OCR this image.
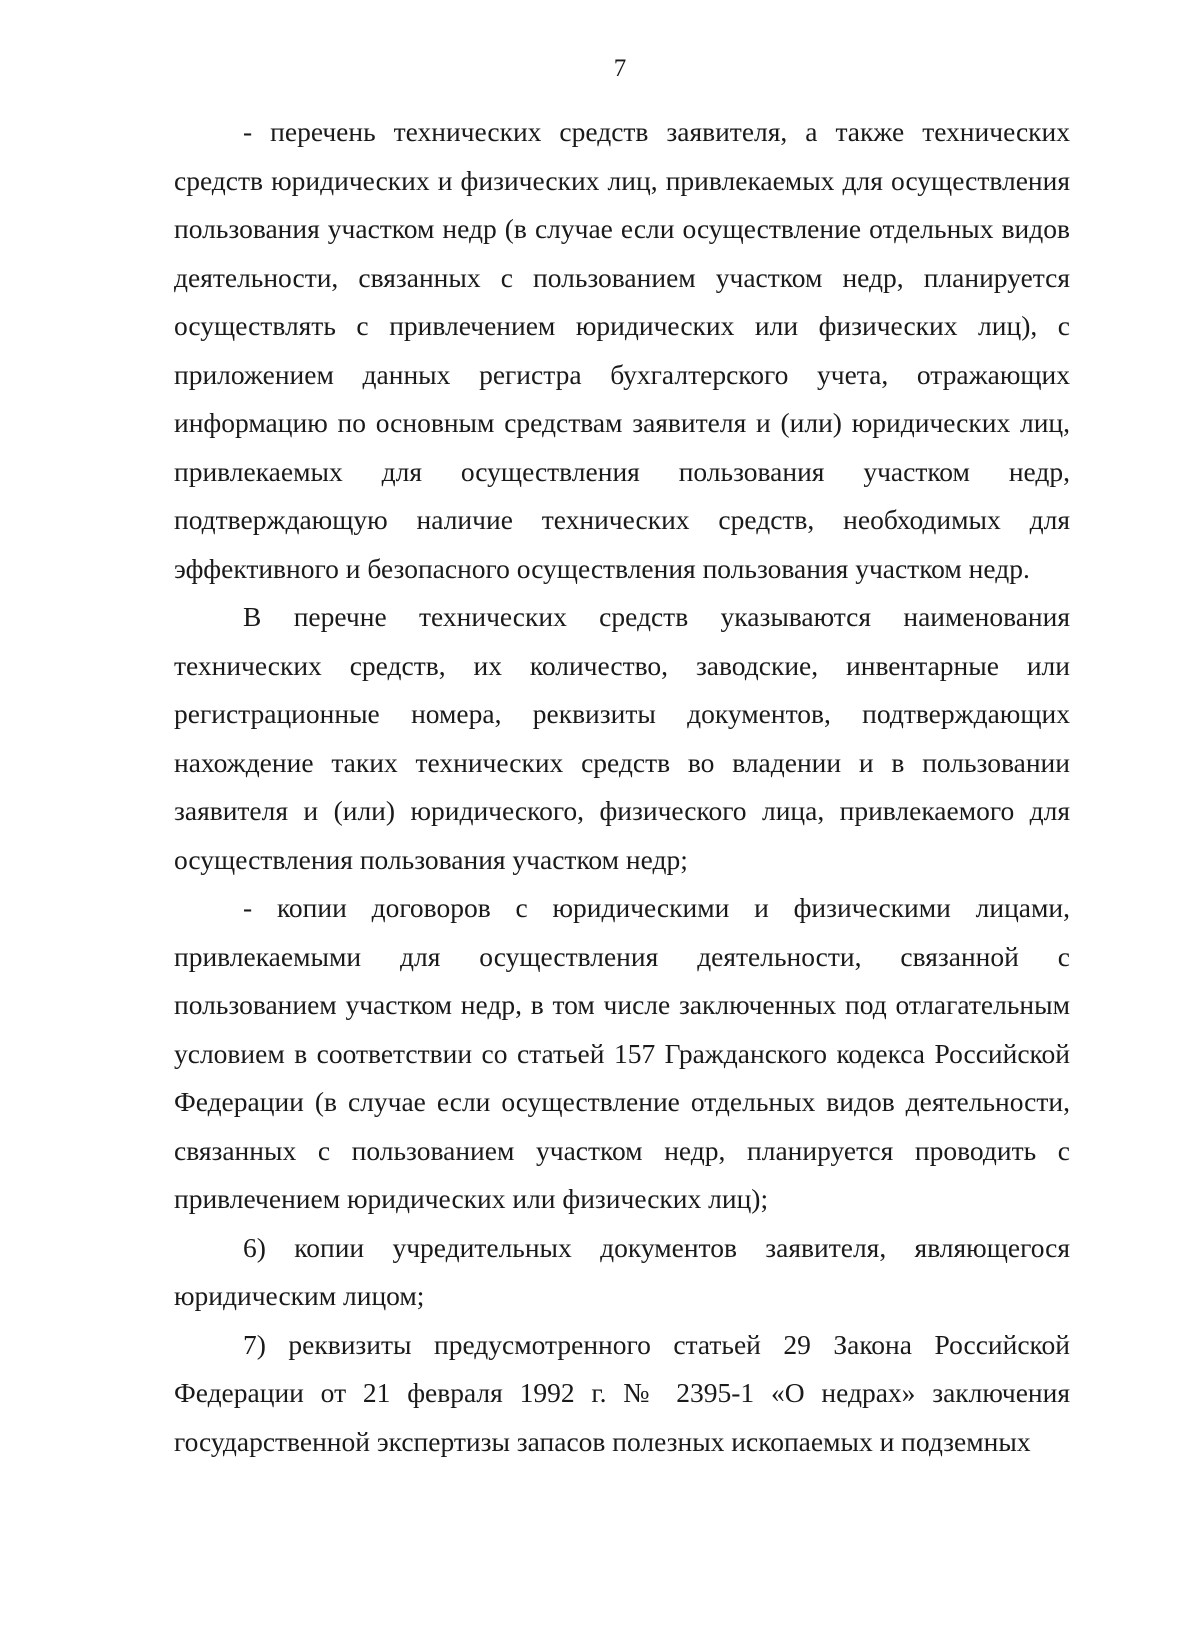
7

- перечень технических средств заявителя, а также технических средств юридических и физических лиц, привлекаемых для осуществления пользования участком недр (в случае если осуществление отдельных видов деятельности, связанных с пользованием участком недр, планируется осуществлять с привлечением юридических или физических лиц), с приложением данных регистра бухгалтерского учета, отражающих информацию по основным средствам заявителя и (или) юридических лиц, привлекаемых для осуществления пользования участком недр, подтверждающую наличие технических средств, необходимых для эффективного и безопасного осуществления пользования участком недр.

В перечне технических средств указываются наименования технических средств, их количество, заводские, инвентарные или регистрационные номера, реквизиты документов, подтверждающих нахождение таких технических средств во владении и в пользовании заявителя и (или) юридического, физического лица, привлекаемого для осуществления пользования участком недр;

- копии договоров с юридическими и физическими лицами, привлекаемыми для осуществления деятельности, связанной с пользованием участком недр, в том числе заключенных под отлагательным условием в соответствии со статьей 157 Гражданского кодекса Российской Федерации (в случае если осуществление отдельных видов деятельности, связанных с пользованием участком недр, планируется проводить с привлечением юридических или физических лиц);

6) копии учредительных документов заявителя, являющегося юридическим лицом;

7) реквизиты предусмотренного статьей 29 Закона Российской Федерации от 21 февраля 1992 г. № 2395-1 «О недрах» заключения государственной экспертизы запасов полезных ископаемых и подземных
